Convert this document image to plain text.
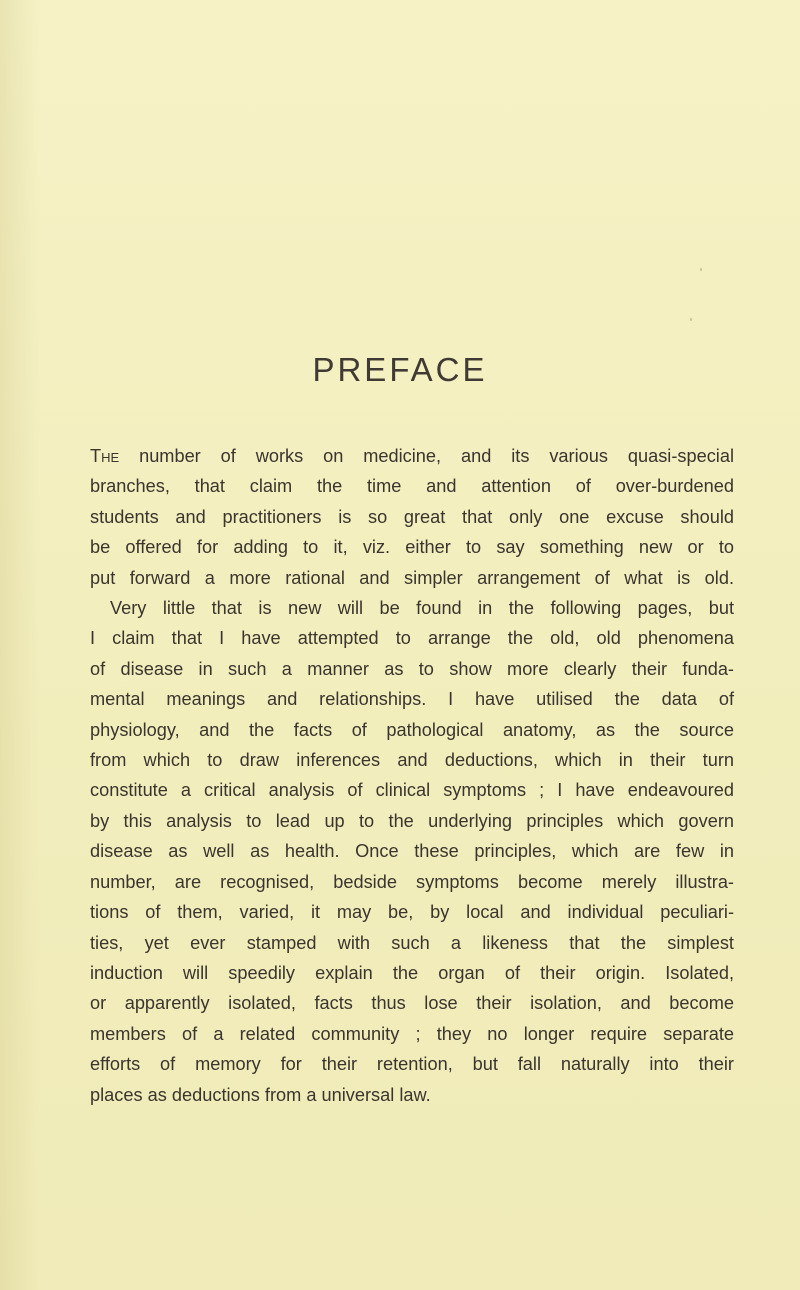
PREFACE
The number of works on medicine, and its various quasi-special
branches, that claim the time and attention of over-burdened
students and practitioners is so great that only one excuse should
be offered for adding to it, viz. either to say something new or to
put forward a more rational and simpler arrangement of what is old.
Very little that is new will be found in the following pages, but
I claim that I have attempted to arrange the old, old phenomena
of disease in such a manner as to show more clearly their funda-
mental meanings and relationships. I have utilised the data of
physiology, and the facts of pathological anatomy, as the source
from which to draw inferences and deductions, which in their turn
constitute a critical analysis of clinical symptoms ; I have endeavoured
by this analysis to lead up to the underlying principles which govern
disease as well as health. Once these principles, which are few in
number, are recognised, bedside symptoms become merely illustra-
tions of them, varied, it may be, by local and individual peculiari-
ties, yet ever stamped with such a likeness that the simplest
induction will speedily explain the organ of their origin. Isolated,
or apparently isolated, facts thus lose their isolation, and become
members of a related community ; they no longer require separate
efforts of memory for their retention, but fall naturally into their
places as deductions from a universal law.
